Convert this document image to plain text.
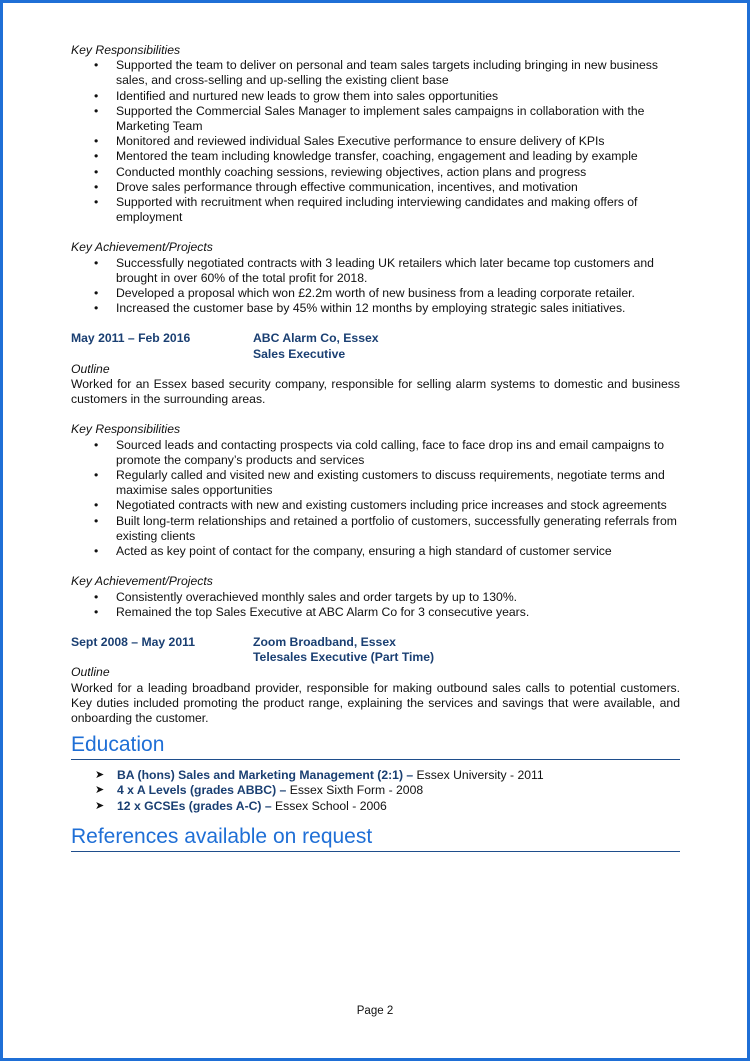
Key Responsibilities
• Supported the team to deliver on personal and team sales targets including bringing in new business sales, and cross-selling and up-selling the existing client base
• Identified and nurtured new leads to grow them into sales opportunities
• Supported the Commercial Sales Manager to implement sales campaigns in collaboration with the Marketing Team
• Monitored and reviewed individual Sales Executive performance to ensure delivery of KPIs
• Mentored the team including knowledge transfer, coaching, engagement and leading by example
• Conducted monthly coaching sessions, reviewing objectives, action plans and progress
• Drove sales performance through effective communication, incentives, and motivation
• Supported with recruitment when required including interviewing candidates and making offers of employment
Key Achievement/Projects
• Successfully negotiated contracts with 3 leading UK retailers which later became top customers and brought in over 60% of the total profit for 2018.
• Developed a proposal which won £2.2m worth of new business from a leading corporate retailer.
• Increased the customer base by 45% within 12 months by employing strategic sales initiatives.
May 2011 – Feb 2016	ABC Alarm Co, Essex
Sales Executive
Outline
Worked for an Essex based security company, responsible for selling alarm systems to domestic and business customers in the surrounding areas.
Key Responsibilities
• Sourced leads and contacting prospects via cold calling, face to face drop ins and email campaigns to promote the company’s products and services
• Regularly called and visited new and existing customers to discuss requirements, negotiate terms and maximise sales opportunities
• Negotiated contracts with new and existing customers including price increases and stock agreements
• Built long-term relationships and retained a portfolio of customers, successfully generating referrals from existing clients
• Acted as key point of contact for the company, ensuring a high standard of customer service
Key Achievement/Projects
• Consistently overachieved monthly sales and order targets by up to 130%.
• Remained the top Sales Executive at ABC Alarm Co for 3 consecutive years.
Sept 2008 – May 2011	Zoom Broadband, Essex
Telesales Executive (Part Time)
Outline
Worked for a leading broadband provider, responsible for making outbound sales calls to potential customers. Key duties included promoting the product range, explaining the services and savings that were available, and onboarding the customer.
Education
➤ BA (hons) Sales and Marketing Management (2:1) – Essex University - 2011
➤ 4 x A Levels (grades ABBC) – Essex Sixth Form - 2008
➤ 12 x GCSEs (grades A-C) – Essex School - 2006
References available on request
Page 2
